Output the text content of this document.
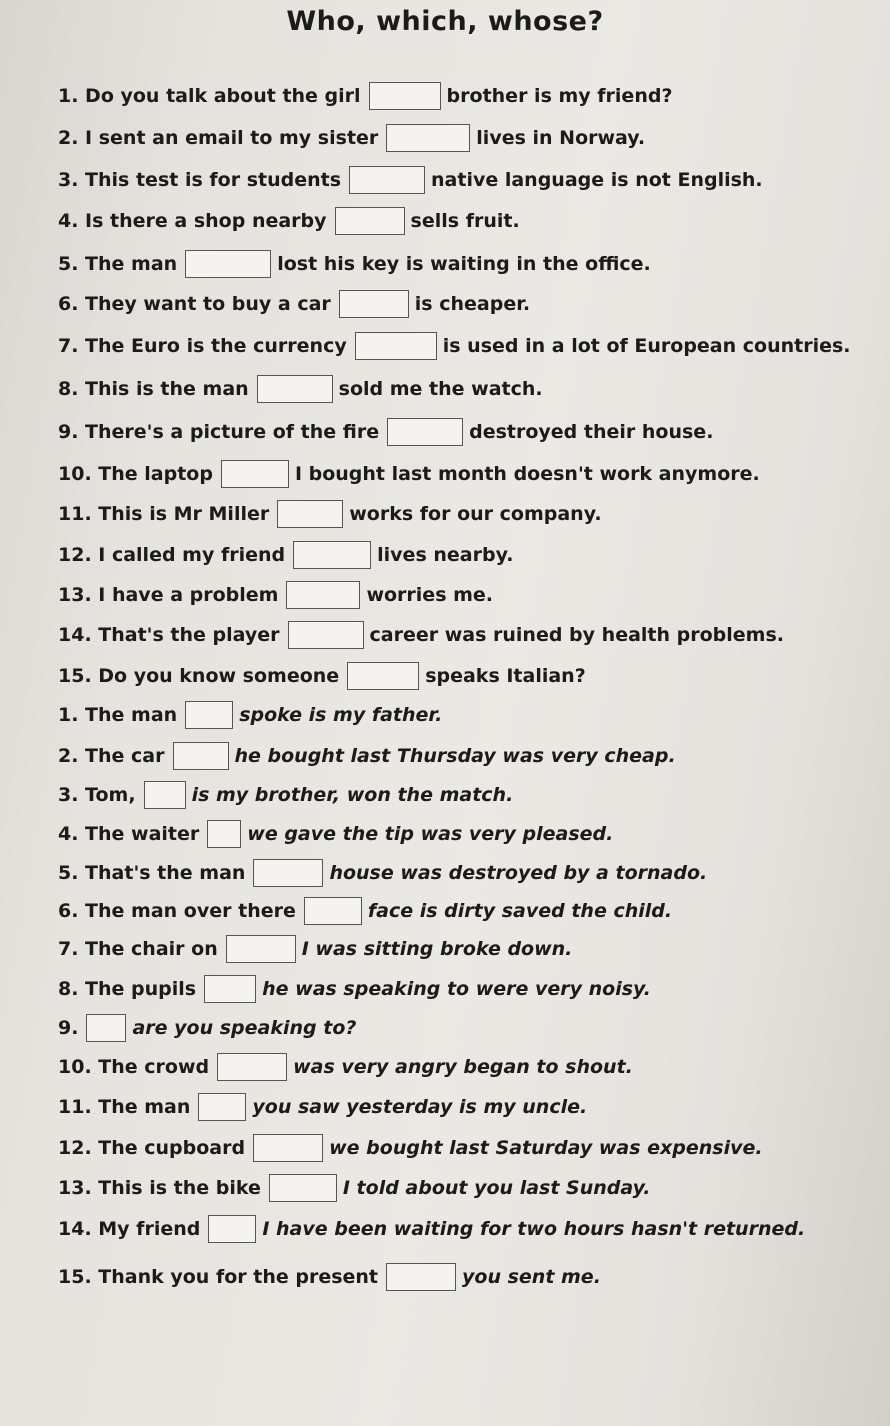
Who, which, whose?
1. Do you talk about the girl	brother is my friend?
2. I sent an email to my sister	lives in Norway.
3. This test is for students	native language is not English.
4. Is there a shop nearby	sells fruit.
5. The man	lost his key is waiting in the office.
6. They want to buy a car	is cheaper.
7. The Euro is the currency	is used in a lot of European countries.
8. This is the man	sold me the watch.
9. There's a picture of the fire	destroyed their house.
10. The laptop	I bought last month doesn't work anymore.
11. This is Mr Miller	works for our company.
12. I called my friend	lives nearby.
13. I have a problem	worries me.
14. That's the player	career was ruined by health problems.
15. Do you know someone	speaks Italian?
1. The man	spoke is my father.
2. The car	he bought last Thursday was very cheap.
3. Tom,	is my brother, won the match.
4. The waiter	we gave the tip was very pleased.
5. That's the man	house was destroyed by a tornado.
6. The man over there	face is dirty saved the child.
7. The chair on	I was sitting broke down.
8. The pupils	he was speaking to were very noisy.
9.	are you speaking to?
10. The crowd	was very angry began to shout.
11. The man	you saw yesterday is my uncle.
12. The cupboard	we bought last Saturday was expensive.
13. This is the bike	I told about you last Sunday.
14. My friend	I have been waiting for two hours hasn't returned.
15. Thank you for the present	you sent me.
